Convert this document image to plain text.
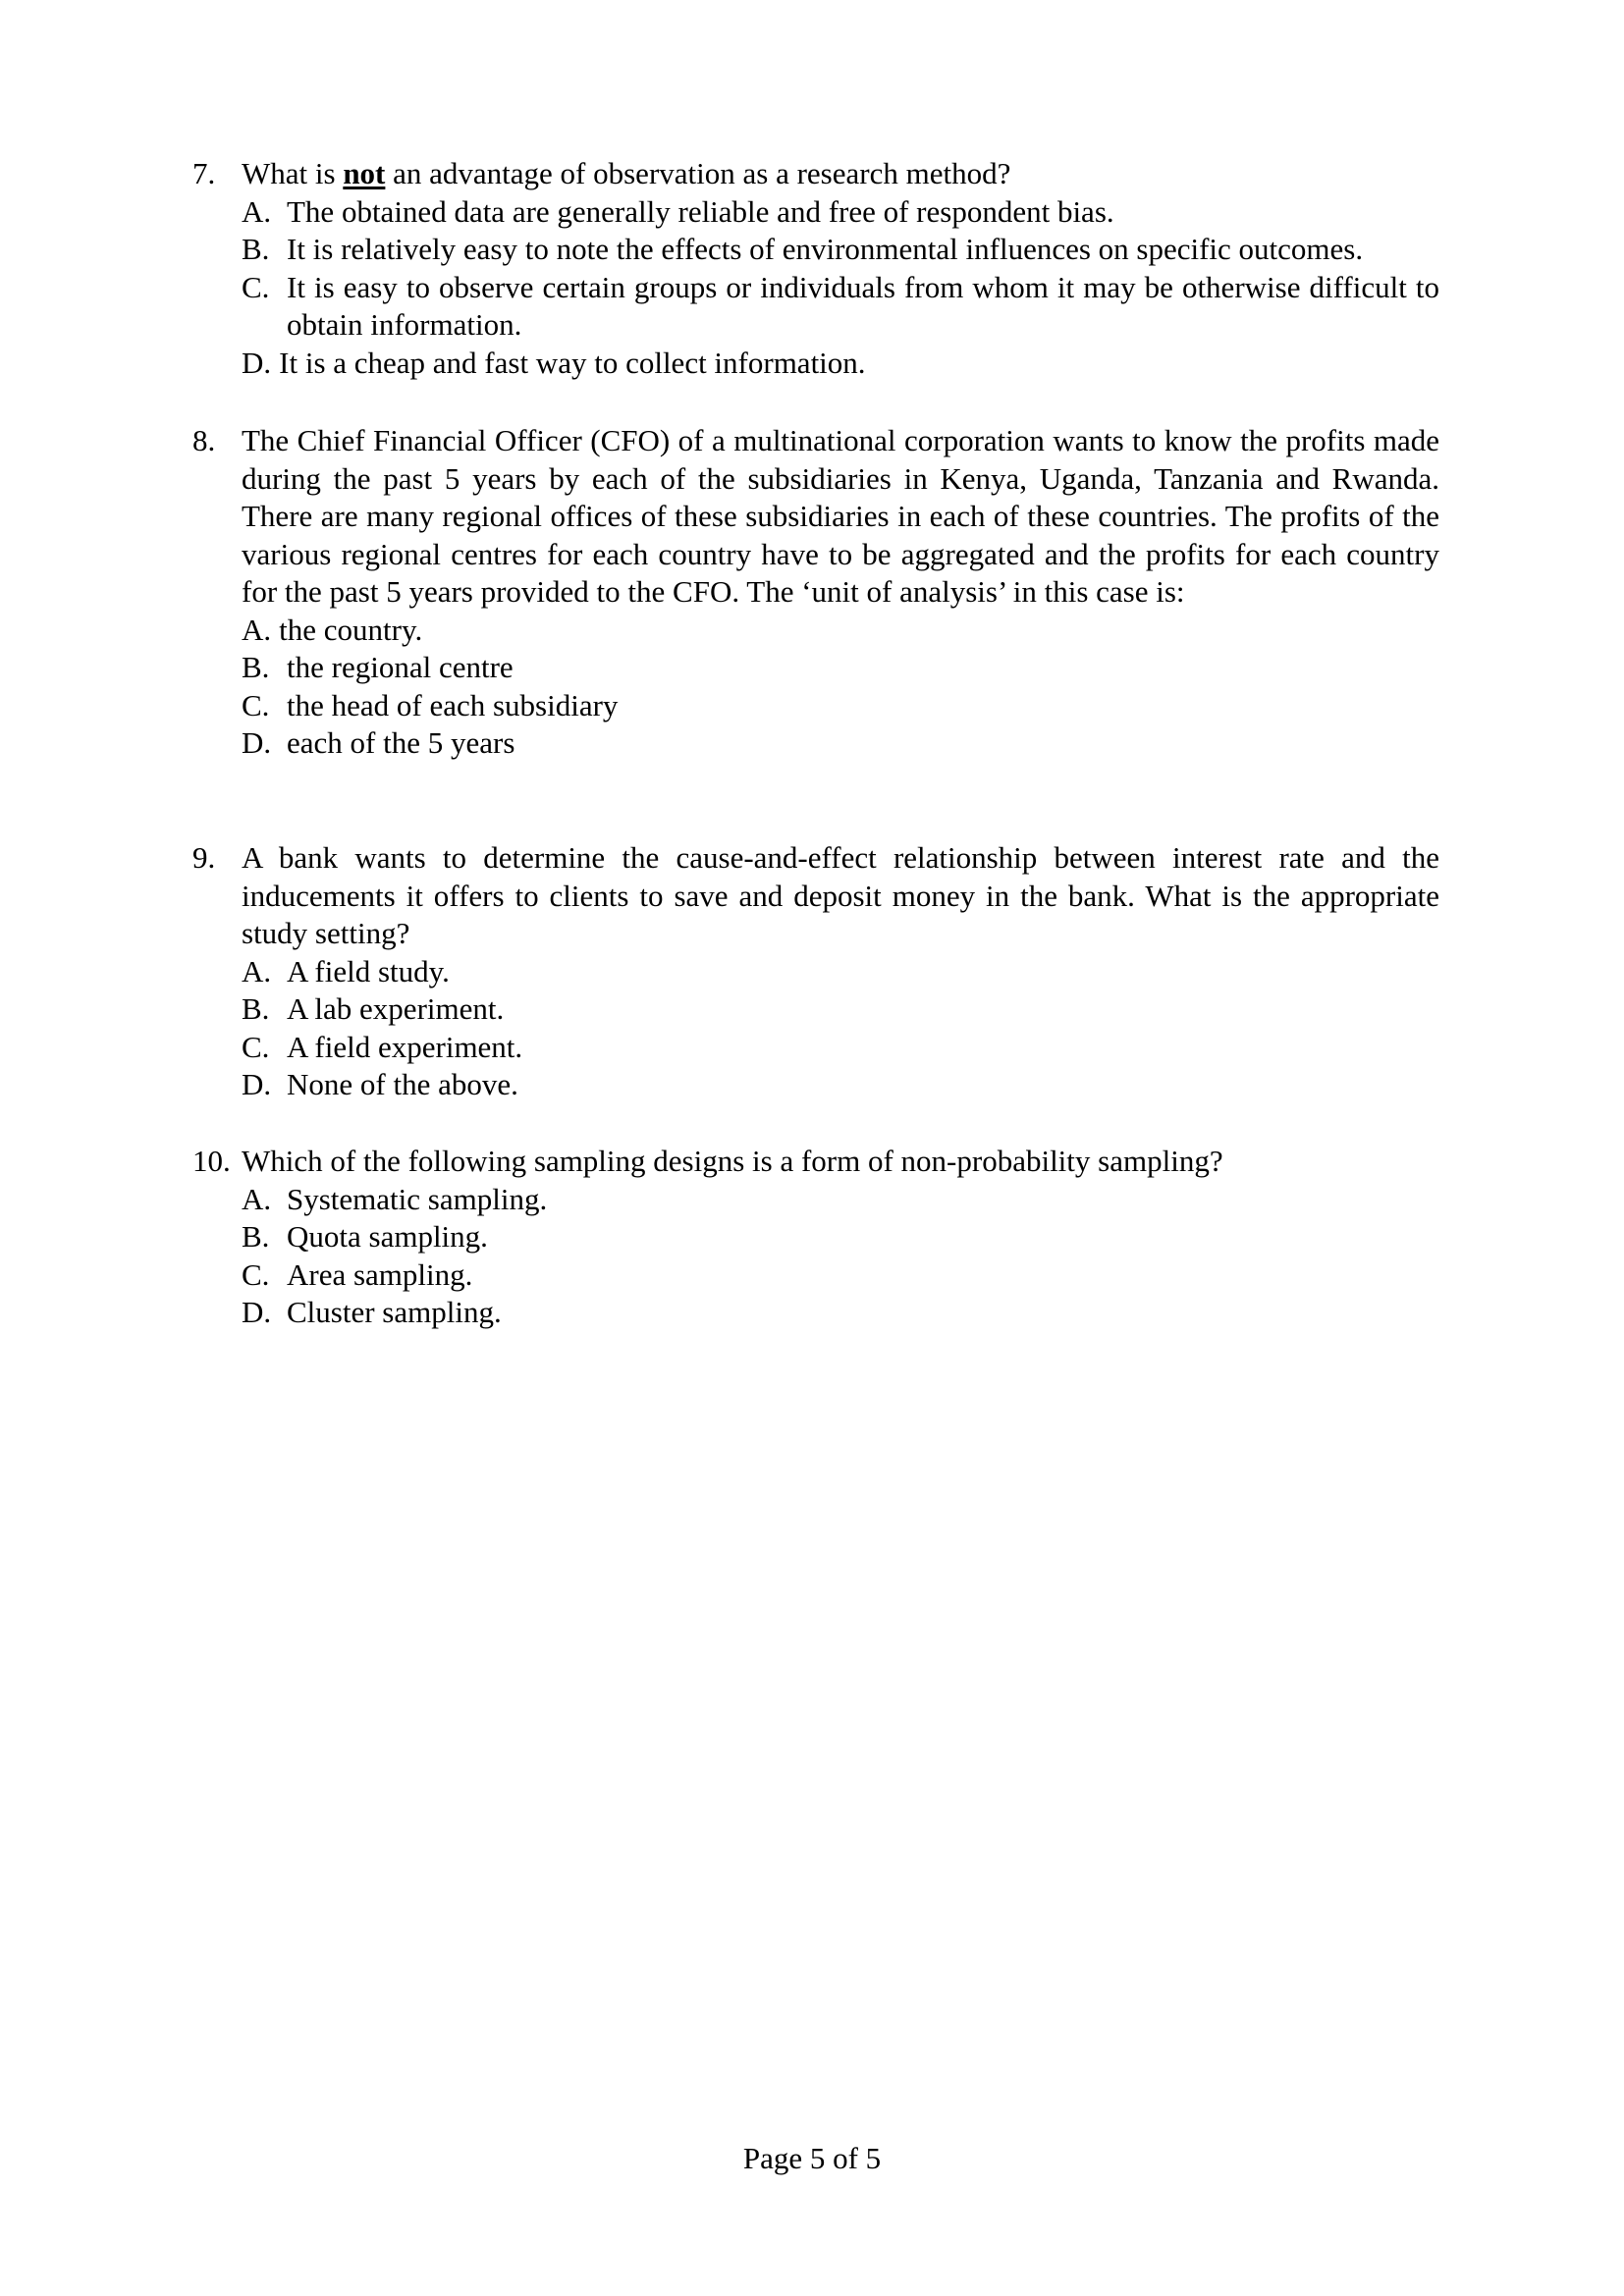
7. What is not an advantage of observation as a research method?
A. The obtained data are generally reliable and free of respondent bias.
B. It is relatively easy to note the effects of environmental influences on specific outcomes.
C. It is easy to observe certain groups or individuals from whom it may be otherwise difficult to obtain information.
D. It is a cheap and fast way to collect information.
8. The Chief Financial Officer (CFO) of a multinational corporation wants to know the profits made during the past 5 years by each of the subsidiaries in Kenya, Uganda, Tanzania and Rwanda. There are many regional offices of these subsidiaries in each of these countries. The profits of the various regional centres for each country have to be aggregated and the profits for each country for the past 5 years provided to the CFO. The ‘unit of analysis’ in this case is:
A. the country.
B. the regional centre
C. the head of each subsidiary
D. each of the 5 years
9. A bank wants to determine the cause-and-effect relationship between interest rate and the inducements it offers to clients to save and deposit money in the bank. What is the appropriate study setting?
A. A field study.
B. A lab experiment.
C. A field experiment.
D. None of the above.
10. Which of the following sampling designs is a form of non-probability sampling?
A. Systematic sampling.
B. Quota sampling.
C. Area sampling.
D. Cluster sampling.
Page 5 of 5
